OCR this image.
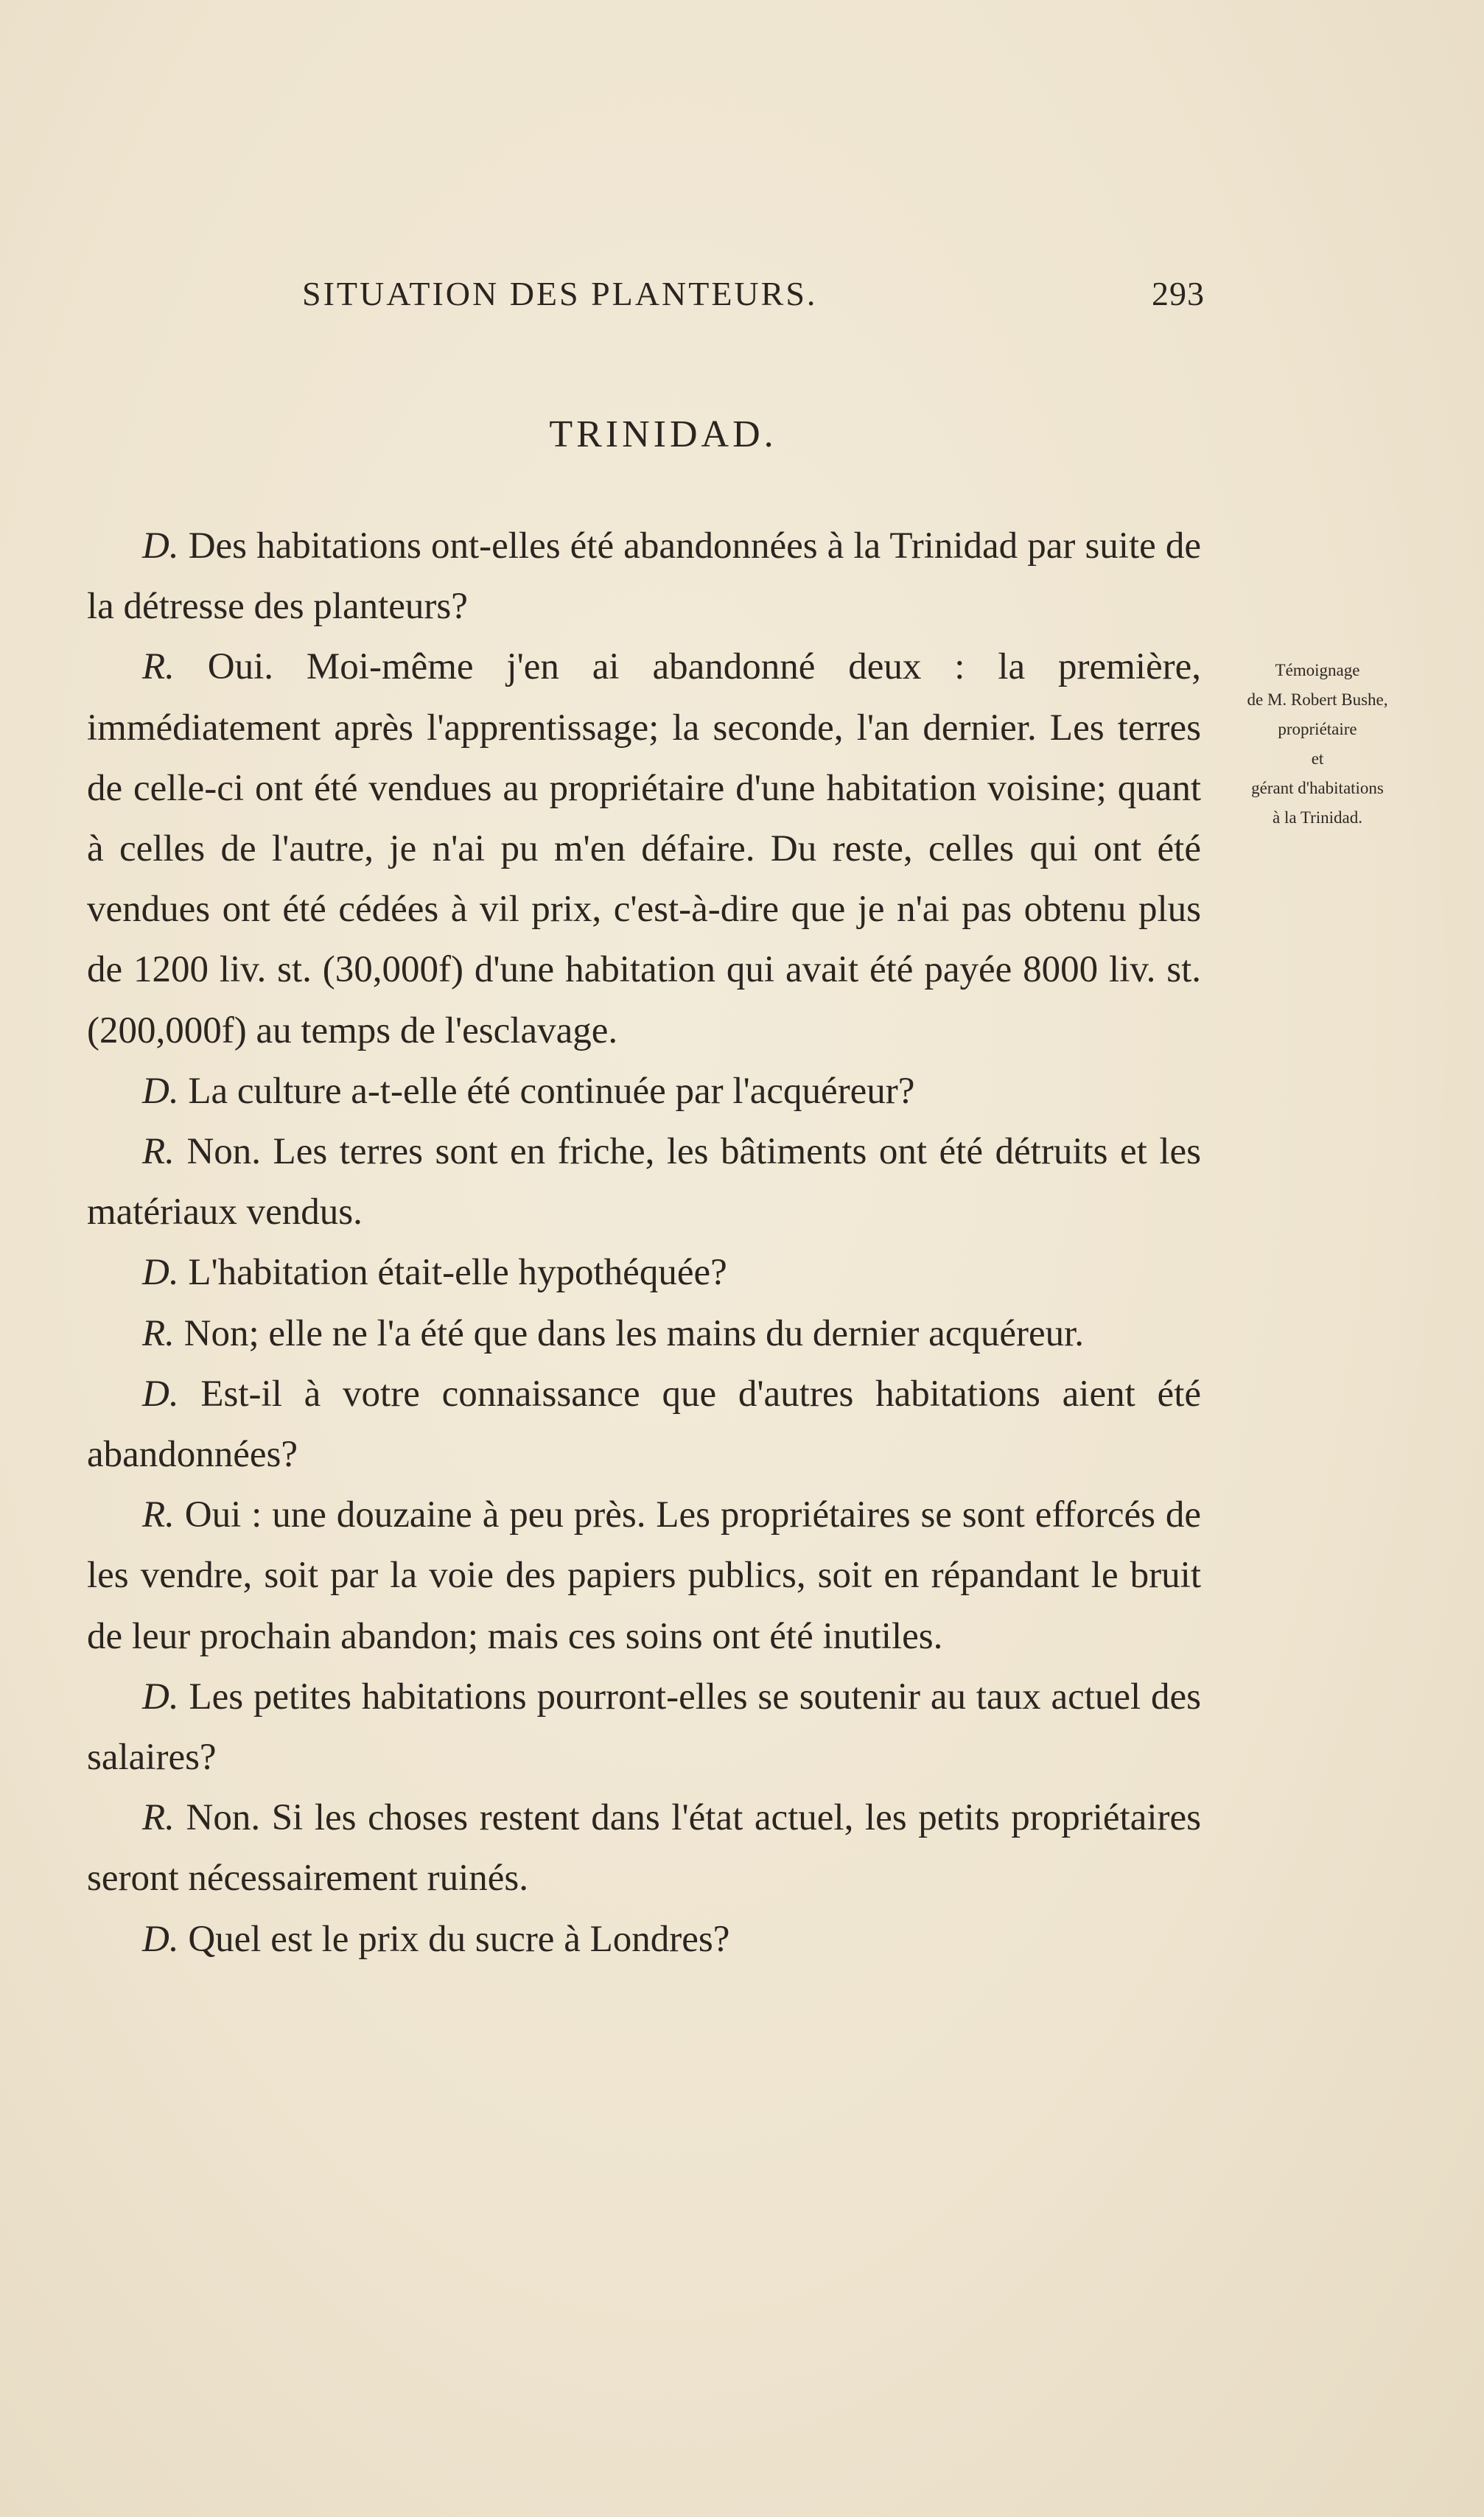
SITUATION DES PLANTEURS.	293
TRINIDAD.

D. Des habitations ont-elles été abandonnées à la Trinidad par suite de la détresse des planteurs?

R. Oui. Moi-même j'en ai abandonné deux : la première, immédiatement après l'apprentissage; la seconde, l'an dernier. Les terres de celle-ci ont été vendues au propriétaire d'une habitation voisine; quant à celles de l'autre, je n'ai pu m'en défaire. Du reste, celles qui ont été vendues ont été cédées à vil prix, c'est-à-dire que je n'ai pas obtenu plus de 1200 liv. st. (30,000f) d'une habitation qui avait été payée 8000 liv. st. (200,000f) au temps de l'esclavage.

D. La culture a-t-elle été continuée par l'acquéreur?

R. Non. Les terres sont en friche, les bâtiments ont été détruits et les matériaux vendus.

D. L'habitation était-elle hypothéquée?

R. Non; elle ne l'a été que dans les mains du dernier acquéreur.

D. Est-il à votre connaissance que d'autres habitations aient été abandonnées?

R. Oui : une douzaine à peu près. Les propriétaires se sont efforcés de les vendre, soit par la voie des papiers publics, soit en répandant le bruit de leur prochain abandon; mais ces soins ont été inutiles.

D. Les petites habitations pourront-elles se soutenir au taux actuel des salaires?

R. Non. Si les choses restent dans l'état actuel, les petits propriétaires seront nécessairement ruinés.

D. Quel est le prix du sucre à Londres?

Témoignage
de M. Robert Bushe,
propriétaire
et
gérant d'habitations
à la Trinidad.
